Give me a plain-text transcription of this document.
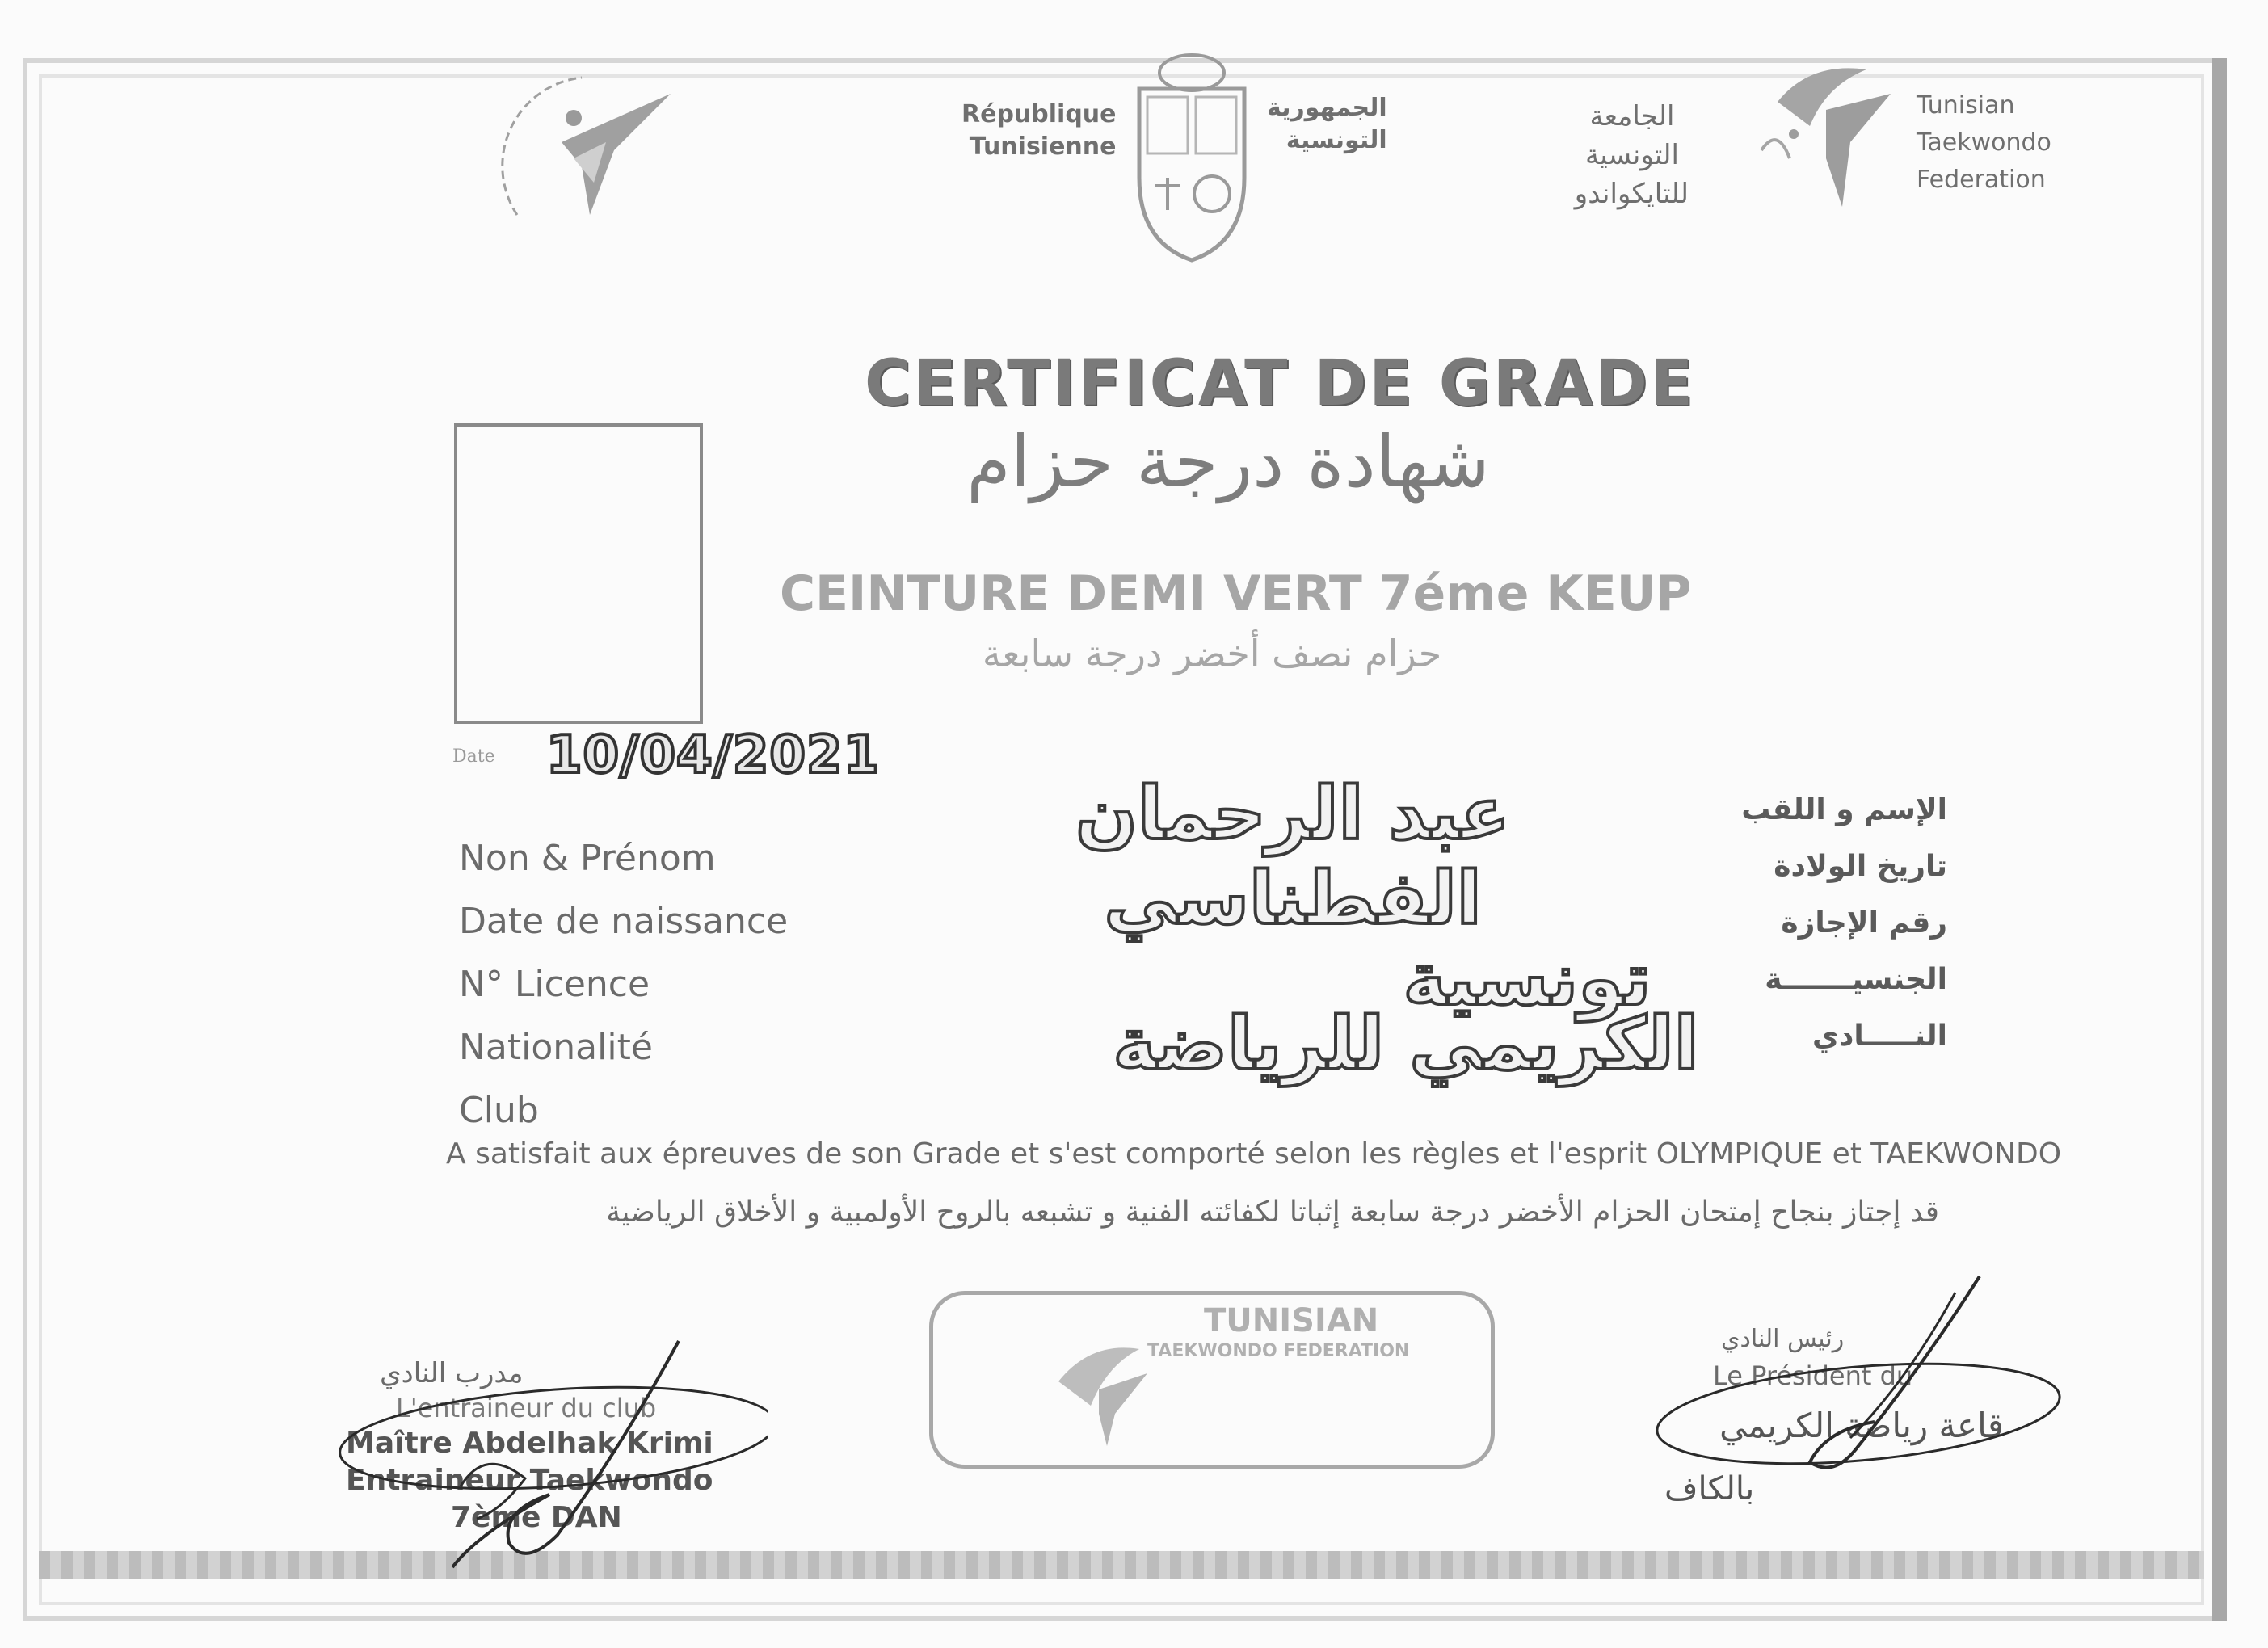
République
Tunisienne
الجمهورية
التونسية
الجامعة
التونسية
للتايكواندو
Tunisian
Taekwondo
Federation
CERTIFICAT DE GRADE
شهادة درجة حزام
CEINTURE DEMI VERT 7éme KEUP
حزام نصف أخضر درجة سابعة
Date 10/04/2021
Non & Prénom
Date de naissance
N° Licence
Nationalité
Club
الإسم و اللقب
تاريخ الولادة
رقم الإجازة
الجنسيـــــــة
النـــــادي
عبد الرحمان الفطناسي
تونسية
الكريمي للرياضة
A satisfait aux épreuves de son Grade et s'est comporté selon les règles et l'esprit OLYMPIQUE et TAEKWONDO
قد إجتاز بنجاح إمتحان الحزام الأخضر درجة سابعة إثباتا لكفائته الفنية و تشبعه بالروح الأولمبية و الأخلاق الرياضية
TUNISIAN
TAEKWONDO FEDERATION
مدرب النادي
L'entraineur du club
Maître Abdelhak Krimi
Entraineur Taekwondo
7ème DAN
رئيس النادي
Le Président du
قاعة رياضة الكريمي
بالكاف
